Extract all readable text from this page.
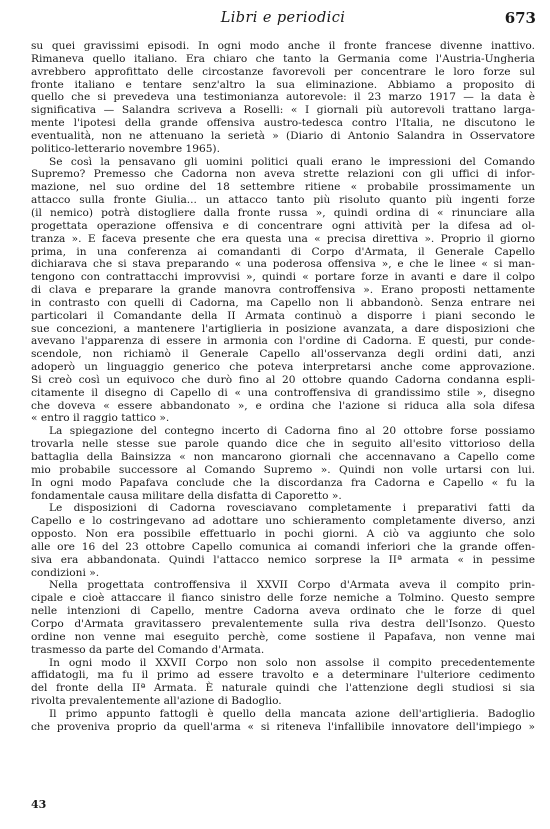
Libri e periodici	673

su quei gravissimi episodi. In ogni modo anche il fronte francese divenne inattivo.

Rimaneva quello italiano. Era chiaro che tanto la Germania come l'Austria-Ungheria

avrebbero approfittato delle circostanze favorevoli per concentrare le loro forze sul

fronte italiano e tentare senz'altro la sua eliminazione. Abbiamo a proposito di

quello che si prevedeva una testimonianza autorevole: il 23 marzo 1917 — la data è

significativa — Salandra scriveva a Roselli: « I giornali più autorevoli trattano larga-

mente l'ipotesi della grande offensiva austro-tedesca contro l'Italia, ne discutono le

eventualità, non ne attenuano la serietà » (Diario di Antonio Salandra in Osservatore

politico-letterario novembre 1965).

Se così la pensavano gli uomini politici quali erano le impressioni del Comando

Supremo? Premesso che Cadorna non aveva strette relazioni con gli uffici di infor-

mazione, nel suo ordine del 18 settembre ritiene « probabile prossimamente un

attacco sulla fronte Giulia... un attacco tanto più risoluto quanto più ingenti forze

(il nemico) potrà distogliere dalla fronte russa », quindi ordina di « rinunciare alla

progettata operazione offensiva e di concentrare ogni attività per la difesa ad ol-

tranza ». E faceva presente che era questa una « precisa direttiva ». Proprio il giorno

prima, in una conferenza ai comandanti di Corpo d'Armata, il Generale Capello

dichiarava che si stava preparando « una poderosa offensiva », e che le linee « si man-

tengono con contrattacchi improvvisi », quindi « portare forze in avanti e dare il colpo

di clava e preparare la grande manovra controffensiva ». Erano proposti nettamente

in contrasto con quelli di Cadorna, ma Capello non li abbandonò. Senza entrare nei

particolari il Comandante della II Armata continuò a disporre i piani secondo le

sue concezioni, a mantenere l'artiglieria in posizione avanzata, a dare disposizioni che

avevano l'apparenza di essere in armonia con l'ordine di Cadorna. E questi, pur conde-

scendole, non richiamò il Generale Capello all'osservanza degli ordini dati, anzi

adoperò un linguaggio generico che poteva interpretarsi anche come approvazione.

Si creò così un equivoco che durò fino al 20 ottobre quando Cadorna condanna espli-

citamente il disegno di Capello di « una controffensiva di grandissimo stile », disegno

che doveva « essere abbandonato », e ordina che l'azione si riduca alla sola difesa

« entro il raggio tattico ».

La spiegazione del contegno incerto di Cadorna fino al 20 ottobre forse possiamo

trovarla nelle stesse sue parole quando dice che in seguito all'esito vittorioso della

battaglia della Bainsizza « non mancarono giornali che accennavano a Capello come

mio probabile successore al Comando Supremo ». Quindi non volle urtarsi con lui.

In ogni modo Papafava conclude che la discordanza fra Cadorna e Capello « fu la

fondamentale causa militare della disfatta di Caporetto ».

Le disposizioni di Cadorna rovesciavano completamente i preparativi fatti da

Capello e lo costringevano ad adottare uno schieramento completamente diverso, anzi

opposto. Non era possibile effettuarlo in pochi giorni. A ciò va aggiunto che solo

alle ore 16 del 23 ottobre Capello comunica ai comandi inferiori che la grande offen-

siva era abbandonata. Quindi l'attacco nemico sorprese la IIª armata « in pessime

condizioni ».

Nella progettata controffensiva il XXVII Corpo d'Armata aveva il compito prin-

cipale e cioè attaccare il fianco sinistro delle forze nemiche a Tolmino. Questo sempre

nelle intenzioni di Capello, mentre Cadorna aveva ordinato che le forze di quel

Corpo d'Armata gravitassero prevalentemente sulla riva destra dell'Isonzo. Questo

ordine non venne mai eseguito perchè, come sostiene il Papafava, non venne mai

trasmesso da parte del Comando d'Armata.

In ogni modo il XXVII Corpo non solo non assolse il compito precedentemente

affidatogli, ma fu il primo ad essere travolto e a determinare l'ulteriore cedimento

del fronte della IIª Armata. È naturale quindi che l'attenzione degli studiosi si sia

rivolta prevalentemente all'azione di Badoglio.

Il primo appunto fattogli è quello della mancata azione dell'artiglieria. Badoglio

che proveniva proprio da quell'arma « si riteneva l'infallibile innovatore dell'impiego »

43
